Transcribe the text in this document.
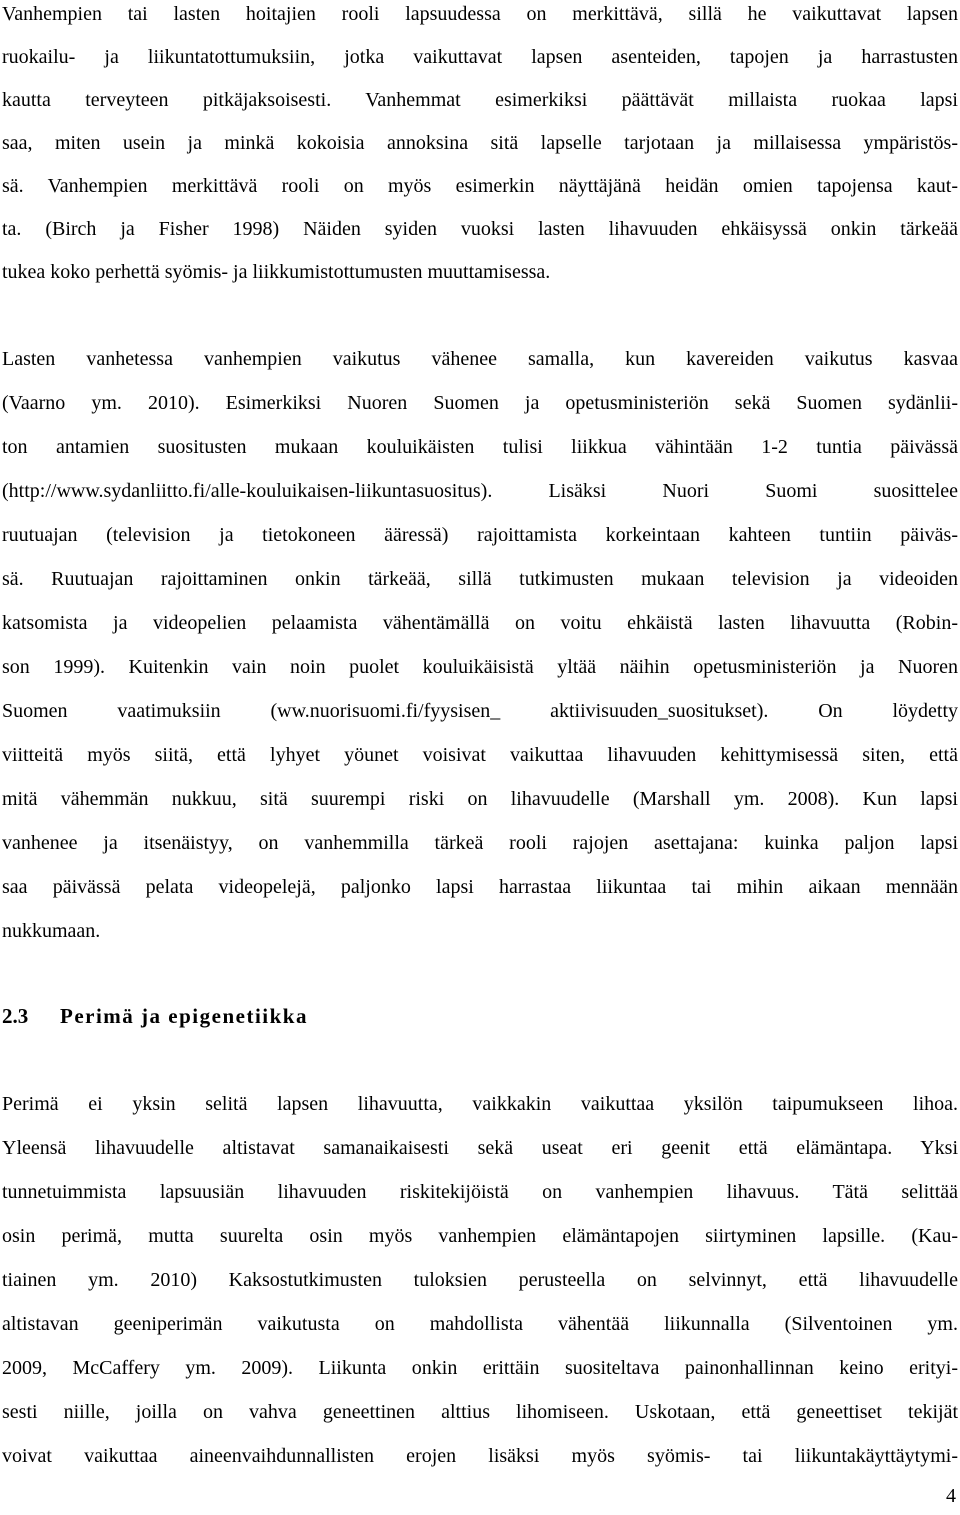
Vanhempien tai lasten hoitajien rooli lapsuudessa on merkittävä, sillä he vaikuttavat lapsen
ruokailu- ja liikuntatottumuksiin, jotka vaikuttavat lapsen asenteiden, tapojen ja harrastusten
kautta terveyteen pitkäjaksoisesti. Vanhemmat esimerkiksi päättävät millaista ruokaa lapsi
saa, miten usein ja minkä kokoisia annoksina sitä lapselle tarjotaan ja millaisessa ympäristös-
sä. Vanhempien merkittävä rooli on myös esimerkin näyttäjänä heidän omien tapojensa kaut-
ta. (Birch ja Fisher 1998) Näiden syiden vuoksi lasten lihavuuden ehkäisyssä onkin tärkeää
tukea koko perhettä syömis- ja liikkumistottumusten muuttamisessa.
Lasten vanhetessa vanhempien vaikutus vähenee samalla, kun kavereiden vaikutus kasvaa
(Vaarno ym. 2010). Esimerkiksi Nuoren Suomen ja opetusministeriön sekä Suomen sydänlii-
ton antamien suositusten mukaan kouluikäisten tulisi liikkua vähintään 1-2 tuntia päivässä
(http://www.sydanliitto.fi/alle-kouluikaisen-liikuntasuositus). Lisäksi Nuori Suomi suosittelee
ruutuajan (television ja tietokoneen ääressä) rajoittamista korkeintaan kahteen tuntiin päiväs-
sä. Ruutuajan rajoittaminen onkin tärkeää, sillä tutkimusten mukaan television ja videoiden
katsomista ja videopelien pelaamista vähentämällä on voitu ehkäistä lasten lihavuutta (Robin-
son 1999). Kuitenkin vain noin puolet kouluikäisistä yltää näihin opetusministeriön ja Nuoren
Suomen vaatimuksiin (ww.nuorisuomi.fi/fyysisen_ aktiivisuuden_suositukset). On löydetty
viitteitä myös siitä, että lyhyet yöunet voisivat vaikuttaa lihavuuden kehittymisessä siten, että
mitä vähemmän nukkuu, sitä suurempi riski on lihavuudelle (Marshall ym. 2008). Kun lapsi
vanhenee ja itsenäistyy, on vanhemmilla tärkeä rooli rajojen asettajana: kuinka paljon lapsi
saa päivässä pelata videopelejä, paljonko lapsi harrastaa liikuntaa tai mihin aikaan mennään
nukkumaan.
2.3 Perimä ja epigenetiikka
Perimä ei yksin selitä lapsen lihavuutta, vaikkakin vaikuttaa yksilön taipumukseen lihoa.
Yleensä lihavuudelle altistavat samanaikaisesti sekä useat eri geenit että elämäntapa. Yksi
tunnetuimmista lapsuusiän lihavuuden riskitekijöistä on vanhempien lihavuus. Tätä selittää
osin perimä, mutta suurelta osin myös vanhempien elämäntapojen siirtyminen lapsille. (Kau-
tiainen ym. 2010) Kaksostutkimusten tuloksien perusteella on selvinnyt, että lihavuudelle
altistavan geeniperimän vaikutusta on mahdollista vähentää liikunnalla (Silventoinen ym.
2009, McCaffery ym. 2009). Liikunta onkin erittäin suositeltava painonhallinnan keino erityi-
sesti niille, joilla on vahva geneettinen alttius lihomiseen. Uskotaan, että geneettiset tekijät
voivat vaikuttaa aineenvaihdunnallisten erojen lisäksi myös syömis- tai liikuntakäyttäytymi-
4
